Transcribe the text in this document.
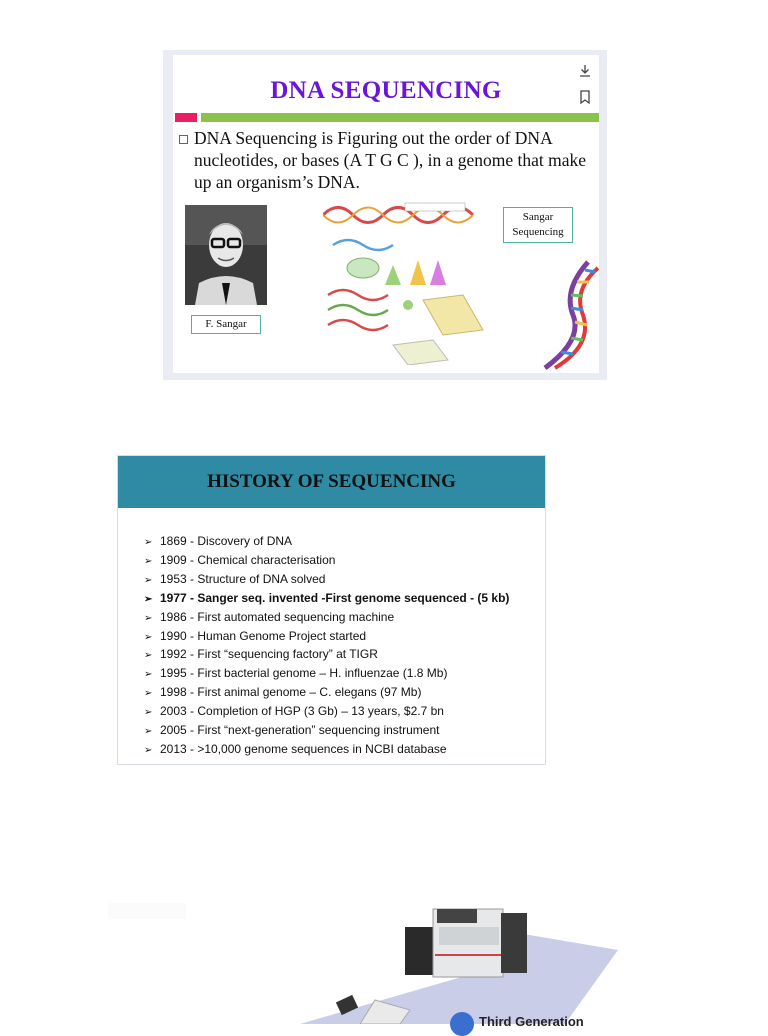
DNA SEQUENCING
DNA Sequencing is Figuring out the order of DNA nucleotides, or bases (A T G C ), in a genome that make up an organism’s DNA.
F. Sangar
Sangar
Sequencing
HISTORY OF SEQUENCING
➢ 1869 - Discovery of DNA
➢ 1909 - Chemical characterisation
➢ 1953 - Structure of DNA solved
➢ 1977 - Sanger seq. invented -First genome sequenced - (5 kb)
➢ 1986 - First automated sequencing machine
➢ 1990 - Human Genome Project started
➢ 1992 - First “sequencing factory” at TIGR
➢ 1995 - First bacterial genome – H. influenzae (1.8 Mb)
➢ 1998 - First animal genome – C. elegans (97 Mb)
➢ 2003 - Completion of HGP (3 Gb) – 13 years, $2.7 bn
➢ 2005 - First “next-generation” sequencing instrument
➢ 2013 - >10,000 genome sequences in NCBI database
Third Generation
